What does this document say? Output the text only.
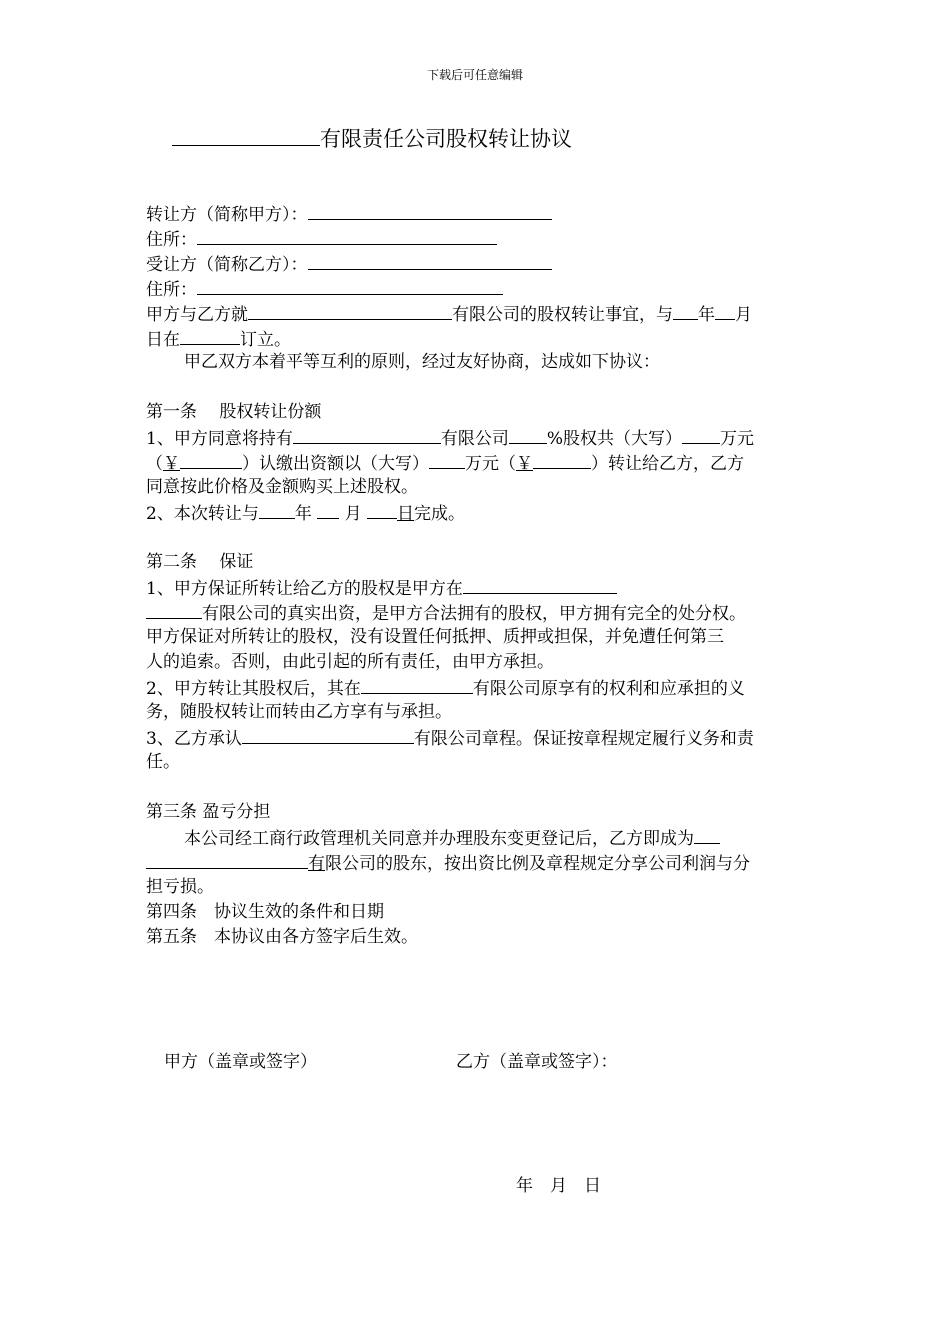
下载后可任意编辑
有限责任公司股权转让协议
转让方（简称甲方）：
住所：
受让方（简称乙方）：
住所：
甲方与乙方就	有限公司的股权转让事宜，与 年 月
日在	订立。
甲乙双方本着平等互利的原则，经过友好协商，达成如下协议：
第一条　 股权转让份额
1、甲方同意将持有	有限公司 %股权共（大写） 万元
（￥	）认缴出资额以（大写） 万元（￥	）转让给乙方，乙方
同意按此价格及金额购买上述股权。
2、本次转让与 年 月 日完成。
第二条　 保证
1、甲方保证所转让给乙方的股权是甲方在
有限公司的真实出资，是甲方合法拥有的股权，甲方拥有完全的处分权。
甲方保证对所转让的股权，没有设置任何抵押、质押或担保，并免遭任何第三
人的追索。否则，由此引起的所有责任，由甲方承担。
2、甲方转让其股权后，其在	有限公司原享有的权利和应承担的义
务，随股权转让而转由乙方享有与承担。
3、乙方承认	有限公司章程。保证按章程规定履行义务和责
任。
第三条 盈亏分担
本公司经工商行政管理机关同意并办理股东变更登记后，乙方即成为
有限公司的股东，按出资比例及章程规定分享公司利润与分
担亏损。
第四条　协议生效的条件和日期
第五条　本协议由各方签字后生效。
甲方（盖章或签字）	乙方（盖章或签字）：
年　月　日
